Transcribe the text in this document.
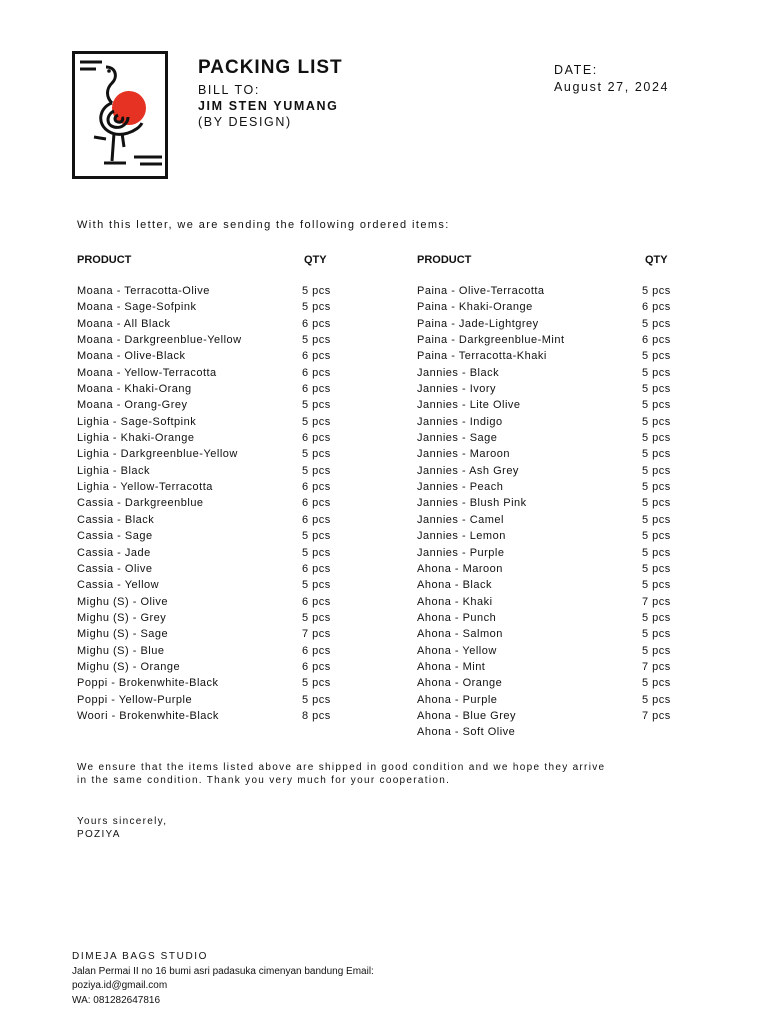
PACKING LIST
BILL TO:
JIM STEN YUMANG
(BY DESIGN)
DATE:
August 27, 2024
With this letter, we are sending the following ordered items:
PRODUCT	QTY
Moana - Terracotta-Olive	5 pcs
Moana - Sage-Sofpink	5 pcs
Moana - All Black	6 pcs
Moana - Darkgreenblue-Yellow	5 pcs
Moana - Olive-Black	6 pcs
Moana - Yellow-Terracotta	6 pcs
Moana - Khaki-Orang	6 pcs
Moana - Orang-Grey	5 pcs
Lighia - Sage-Softpink	5 pcs
Lighia - Khaki-Orange	6 pcs
Lighia - Darkgreenblue-Yellow	5 pcs
Lighia - Black	5 pcs
Lighia - Yellow-Terracotta	6 pcs
Cassia - Darkgreenblue	6 pcs
Cassia - Black	6 pcs
Cassia - Sage	5 pcs
Cassia - Jade	5 pcs
Cassia - Olive	6 pcs
Cassia - Yellow	5 pcs
Mighu (S) - Olive	6 pcs
Mighu (S) - Grey	5 pcs
Mighu (S) - Sage	7 pcs
Mighu (S) - Blue	6 pcs
Mighu (S) - Orange	6 pcs
Poppi - Brokenwhite-Black	5 pcs
Poppi - Yellow-Purple	5 pcs
Woori - Brokenwhite-Black	8 pcs
PRODUCT	QTY
Paina - Olive-Terracotta	5 pcs
Paina - Khaki-Orange	6 pcs
Paina - Jade-Lightgrey	5 pcs
Paina - Darkgreenblue-Mint	6 pcs
Paina - Terracotta-Khaki	5 pcs
Jannies - Black	5 pcs
Jannies - Ivory	5 pcs
Jannies - Lite Olive	5 pcs
Jannies - Indigo	5 pcs
Jannies - Sage	5 pcs
Jannies - Maroon	5 pcs
Jannies - Ash Grey	5 pcs
Jannies - Peach	5 pcs
Jannies - Blush Pink	5 pcs
Jannies - Camel	5 pcs
Jannies - Lemon	5 pcs
Jannies - Purple	5 pcs
Ahona - Maroon	5 pcs
Ahona - Black	5 pcs
Ahona - Khaki	7 pcs
Ahona - Punch	5 pcs
Ahona - Salmon	5 pcs
Ahona - Yellow	5 pcs
Ahona - Mint	7 pcs
Ahona - Orange	5 pcs
Ahona - Purple	5 pcs
Ahona - Blue Grey	7 pcs
Ahona - Soft Olive
We ensure that the items listed above are shipped in good condition and we hope they arrive
in the same condition. Thank you very much for your cooperation.
Yours sincerely,
POZIYA
DIMEJA BAGS STUDIO
Jalan Permai II no 16 bumi asri padasuka cimenyan bandung Email:
poziya.id@gmail.com
WA: 081282647816
